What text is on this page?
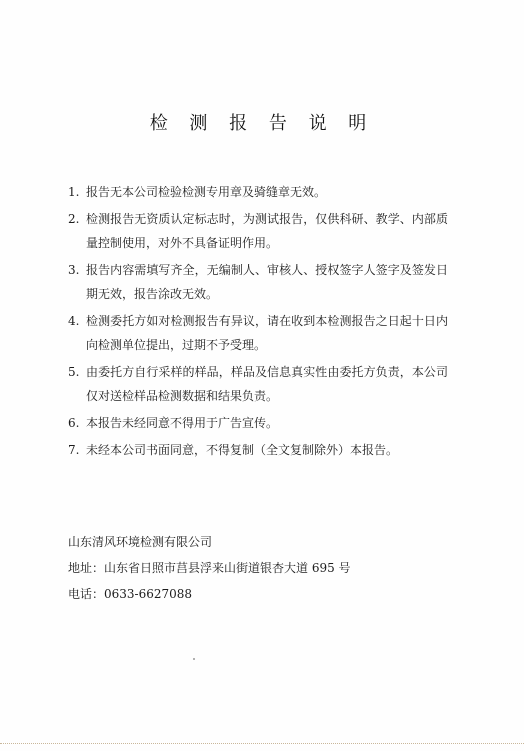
检 测 报 告 说 明
1. 报告无本公司检验检测专用章及骑缝章无效。
2. 检测报告无资质认定标志时，为测试报告，仅供科研、教学、内部质量控制使用，对外不具备证明作用。
3. 报告内容需填写齐全，无编制人、审核人、授权签字人签字及签发日期无效，报告涂改无效。
4. 检测委托方如对检测报告有异议，请在收到本检测报告之日起十日内向检测单位提出，过期不予受理。
5. 由委托方自行采样的样品，样品及信息真实性由委托方负责，本公司仅对送检样品检测数据和结果负责。
6. 本报告未经同意不得用于广告宣传。
7. 未经本公司书面同意，不得复制（全文复制除外）本报告。
山东清风环境检测有限公司
地址：山东省日照市莒县浮来山街道银杏大道 695 号
电话：0633-6627088
